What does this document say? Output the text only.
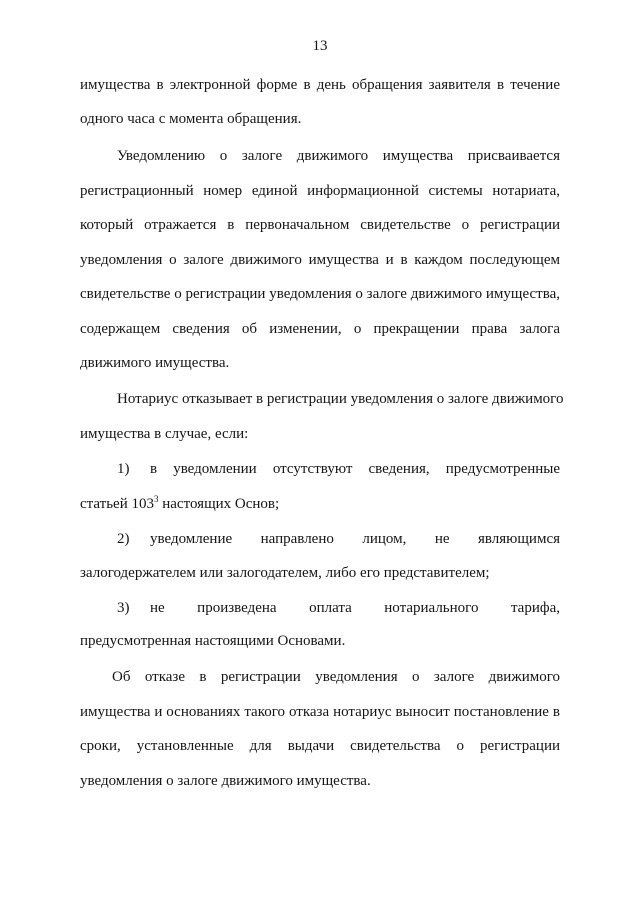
13
имущества в электронной форме в день обращения заявителя в течение
одного часа с момента обращения.
Уведомлению о залоге движимого имущества присваивается
регистрационный номер единой информационной системы нотариата,
который отражается в первоначальном свидетельстве о регистрации
уведомления о залоге движимого имущества и в каждом последующем
свидетельстве о регистрации уведомления о залоге движимого имущества,
содержащем сведения об изменении, о прекращении права залога
движимого имущества.
Нотариус отказывает в регистрации уведомления о залоге движимого
имущества в случае, если:
1) в уведомлении отсутствуют сведения, предусмотренные
статьей $103^3$ настоящих Основ;
2) уведомление направлено лицом, не являющимся
залогодержателем или залогодателем, либо его представителем;
3) не произведена оплата нотариального тарифа,
предусмотренная настоящими Основами.
Об отказе в регистрации уведомления о залоге движимого
имущества и основаниях такого отказа нотариус выносит постановление в
сроки, установленные для выдачи свидетельства о регистрации
уведомления о залоге движимого имущества.
